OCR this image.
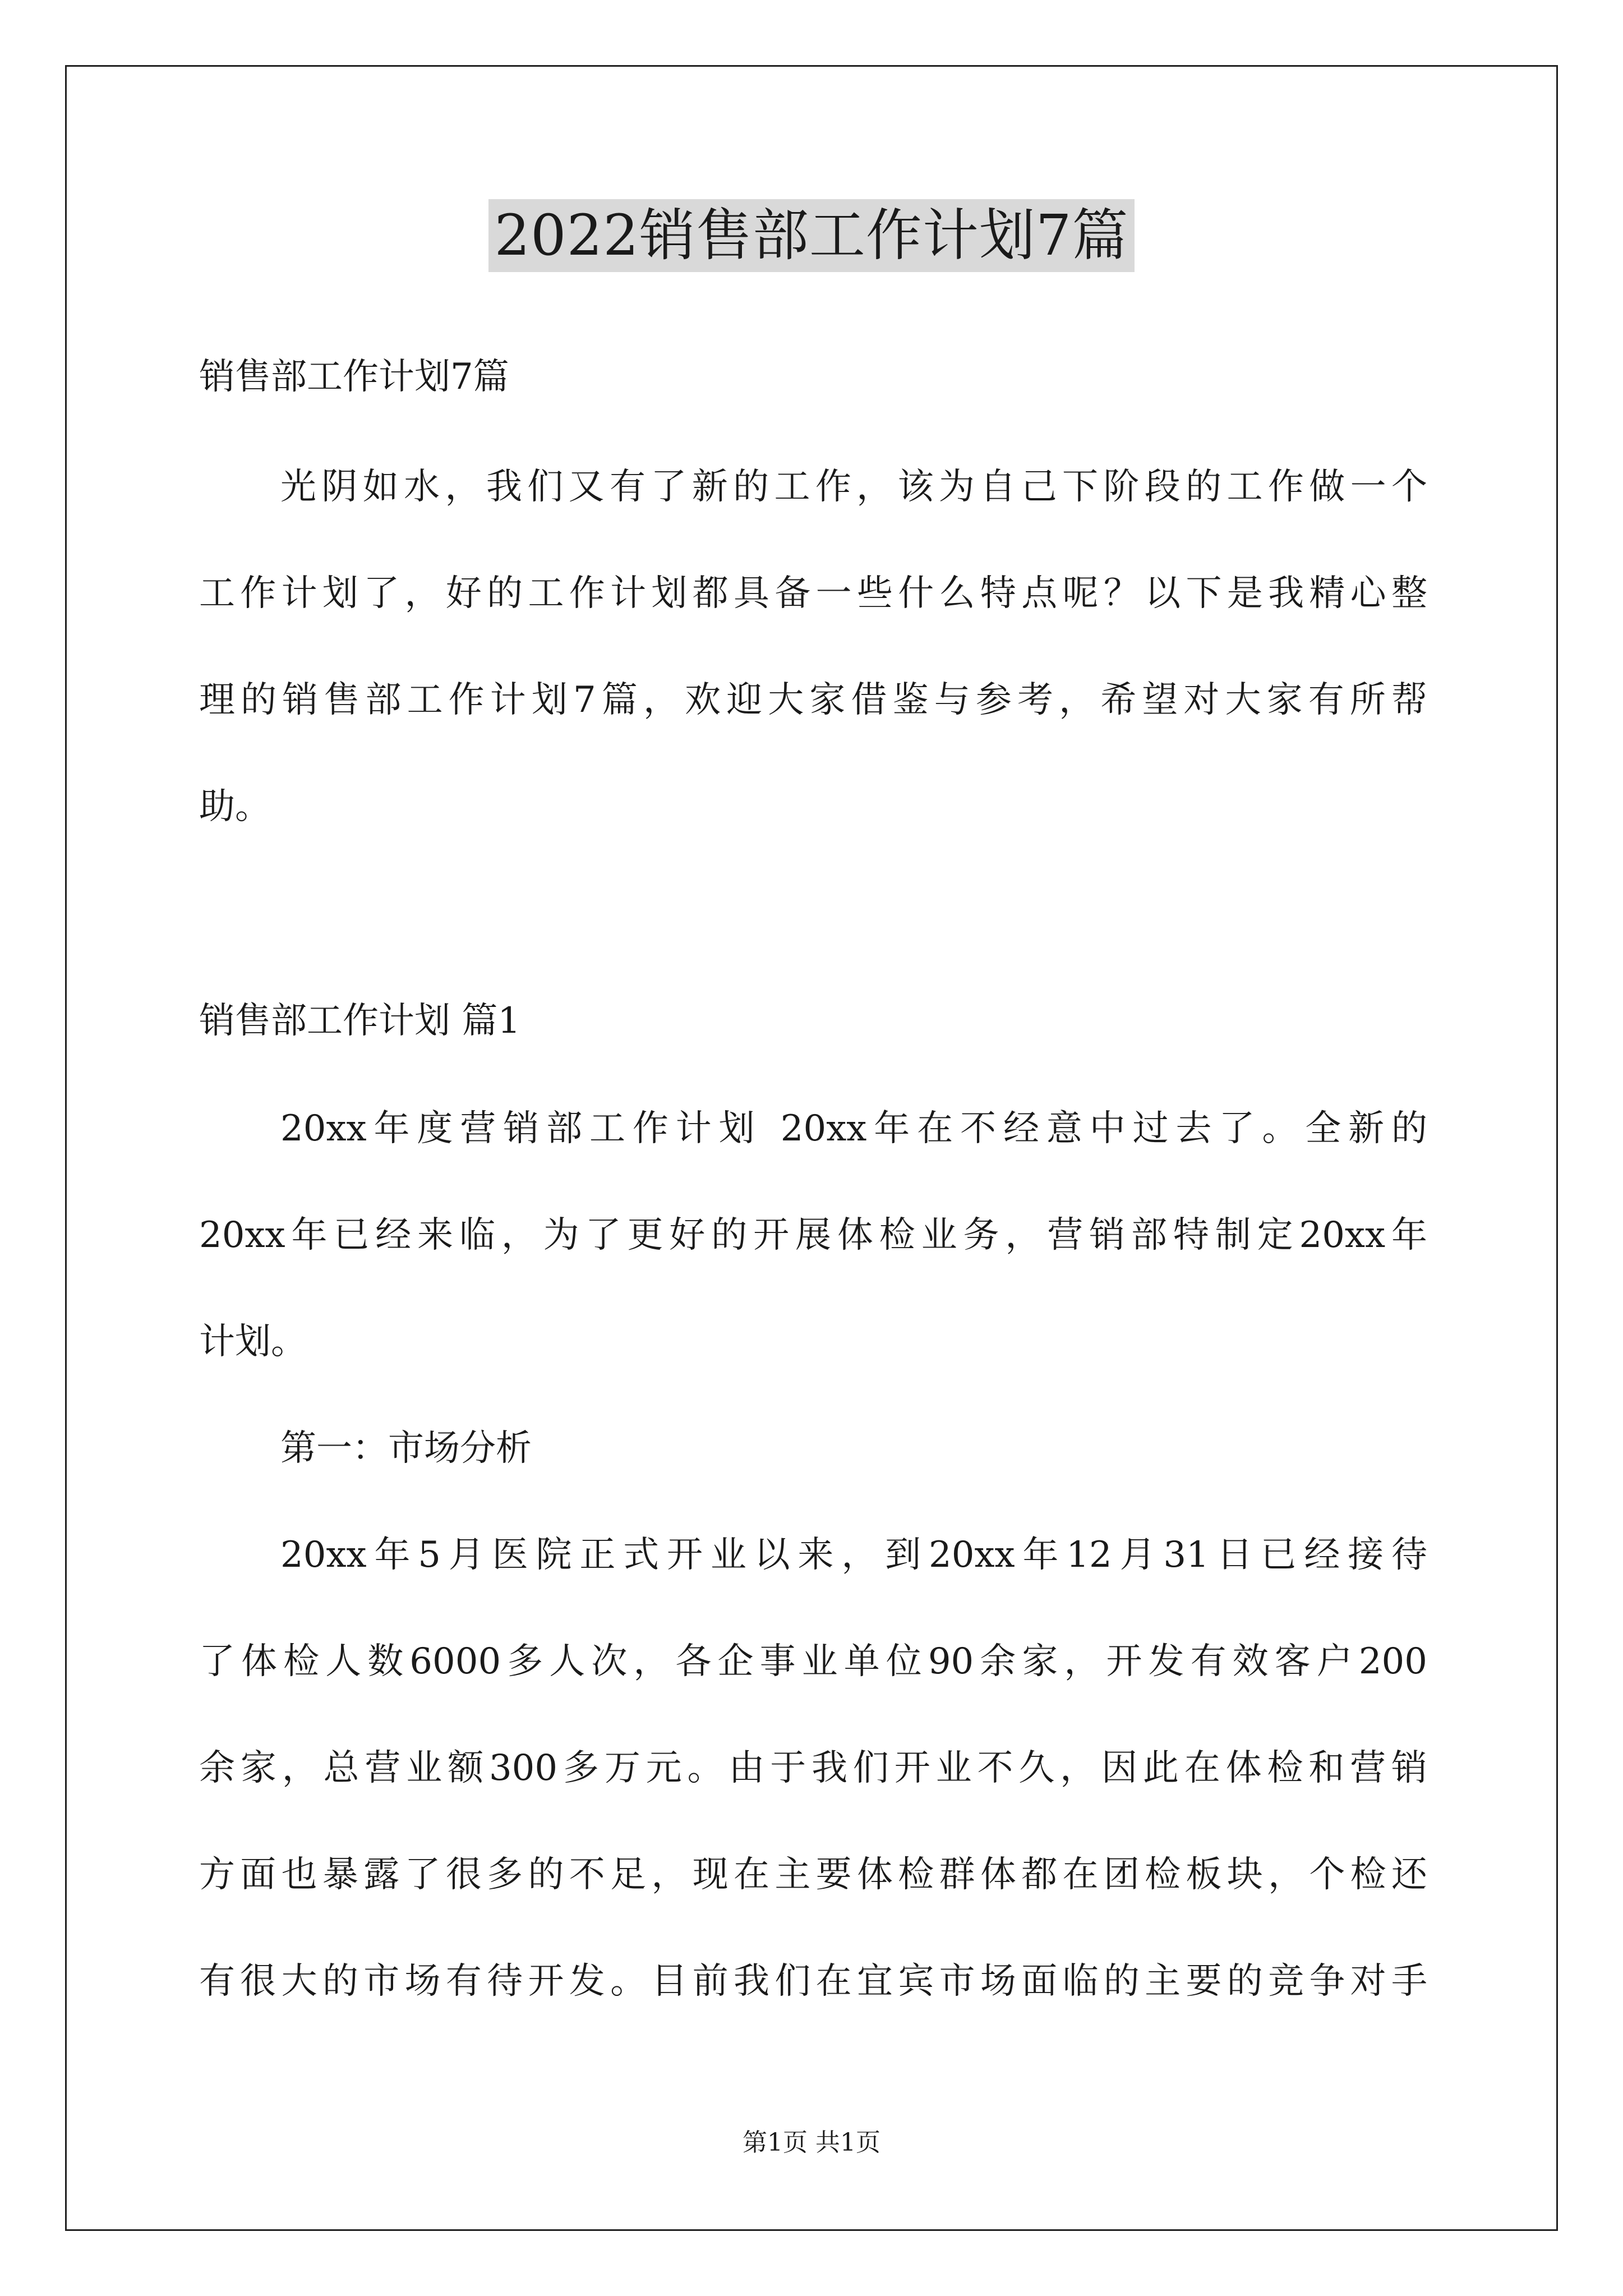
2022销售部工作计划7篇
销售部工作计划7篇
光阴如水，我们又有了新的工作，该为自己下阶段的工作做一个
工作计划了，好的工作计划都具备一些什么特点呢？以下是我精心整
理的销售部工作计划7篇，欢迎大家借鉴与参考，希望对大家有所帮
助。
销售部工作计划 篇1
20xx年度营销部工作计划 20xx年在不经意中过去了。全新的
20xx年已经来临，为了更好的开展体检业务，营销部特制定20xx年
计划。
第一：市场分析
20xx年5月医院正式开业以来，到20xx年12月31日已经接待
了体检人数6000多人次，各企事业单位90余家，开发有效客户200
余家，总营业额300多万元。由于我们开业不久，因此在体检和营销
方面也暴露了很多的不足，现在主要体检群体都在团检板块，个检还
有很大的市场有待开发。目前我们在宜宾市场面临的主要的竞争对手
第1页 共1页
